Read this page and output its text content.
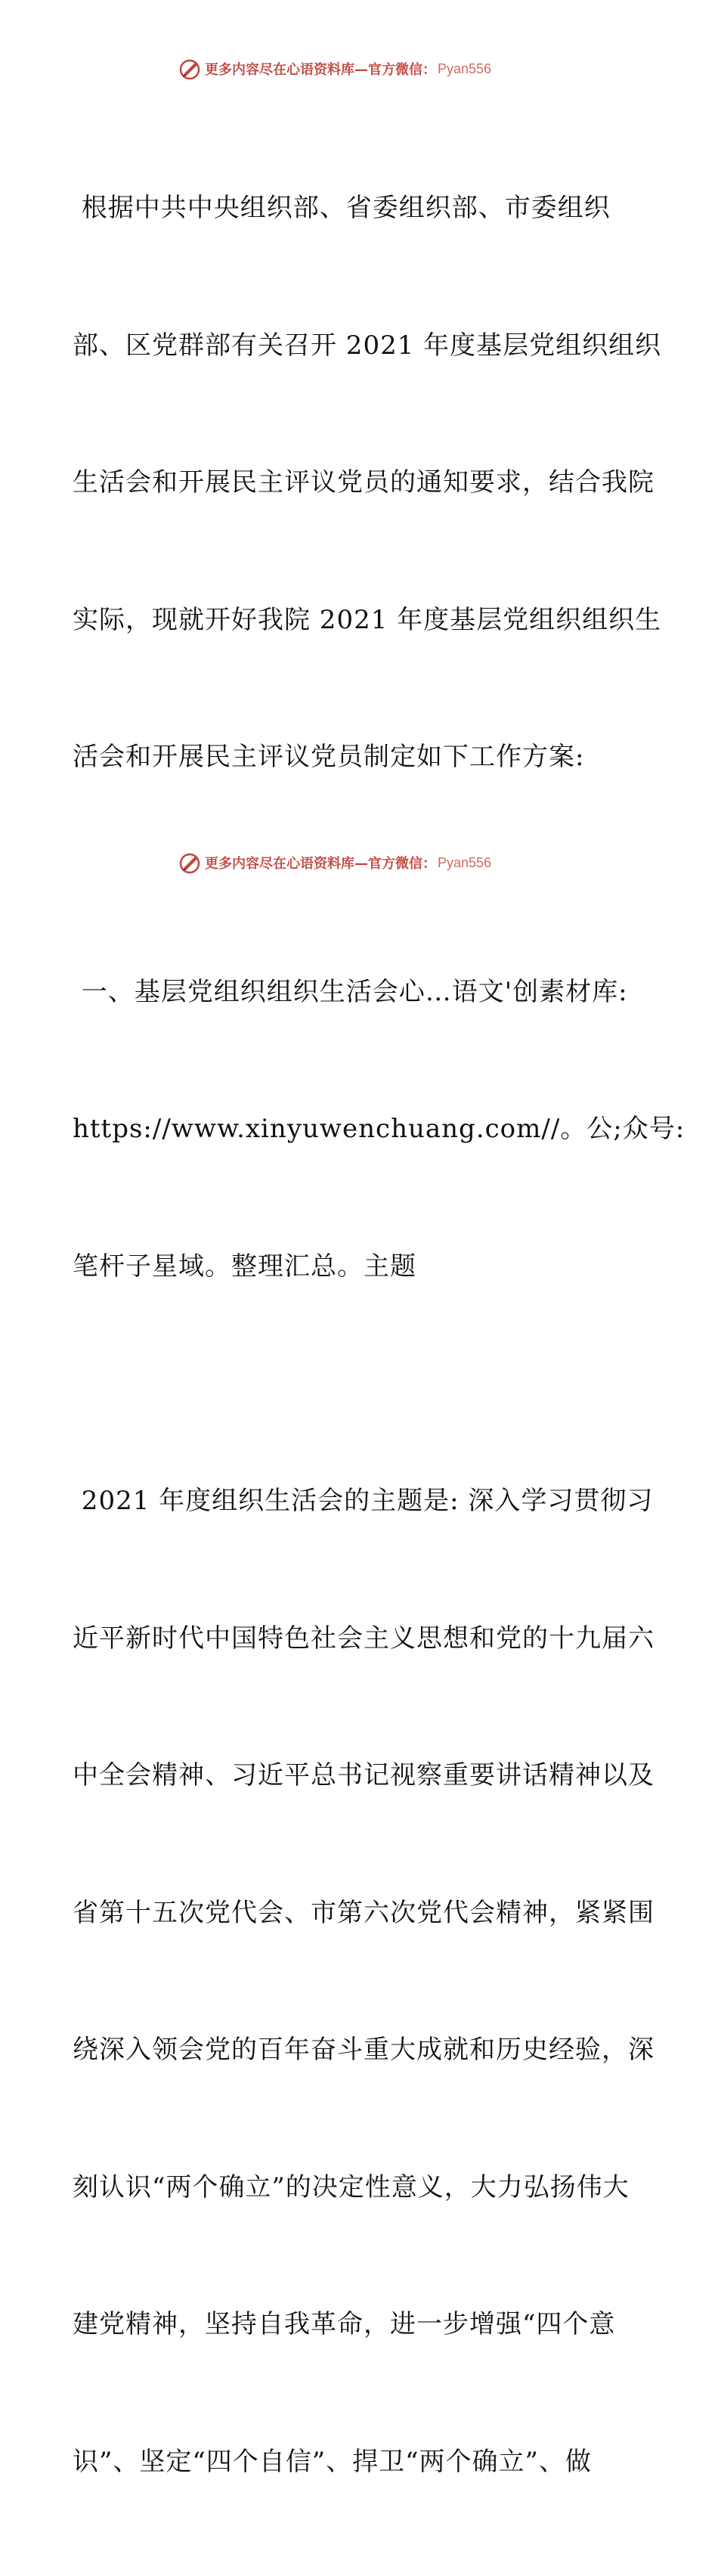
更多内容尽在心语资料库—官方微信： Pyan556

根据中共中央组织部、省委组织部、市委组织

部、区党群部有关召开 2021 年度基层党组织组织

生活会和开展民主评议党员的通知要求，结合我院

实际，现就开好我院 2021 年度基层党组织组织生

活会和开展民主评议党员制定如下工作方案:

一、基层党组织组织生活会心…语文'创素材库:

https://www.xinyuwenchuang.com//。公;众号:

笔杆子星域。整理汇总。主题

2021 年度组织生活会的主题是: 深入学习贯彻习

近平新时代中国特色社会主义思想和党的十九届六

中全会精神、习近平总书记视察重要讲话精神以及

省第十五次党代会、市第六次党代会精神，紧紧围

绕深入领会党的百年奋斗重大成就和历史经验，深

刻认识“两个确立”的决定性意义，大力弘扬伟大

建党精神，坚持自我革命，进一步增强“四个意

识”、坚定“四个自信”、捍卫“两个确立”、做

更多内容尽在心语资料库—官方微信： Pyan556
